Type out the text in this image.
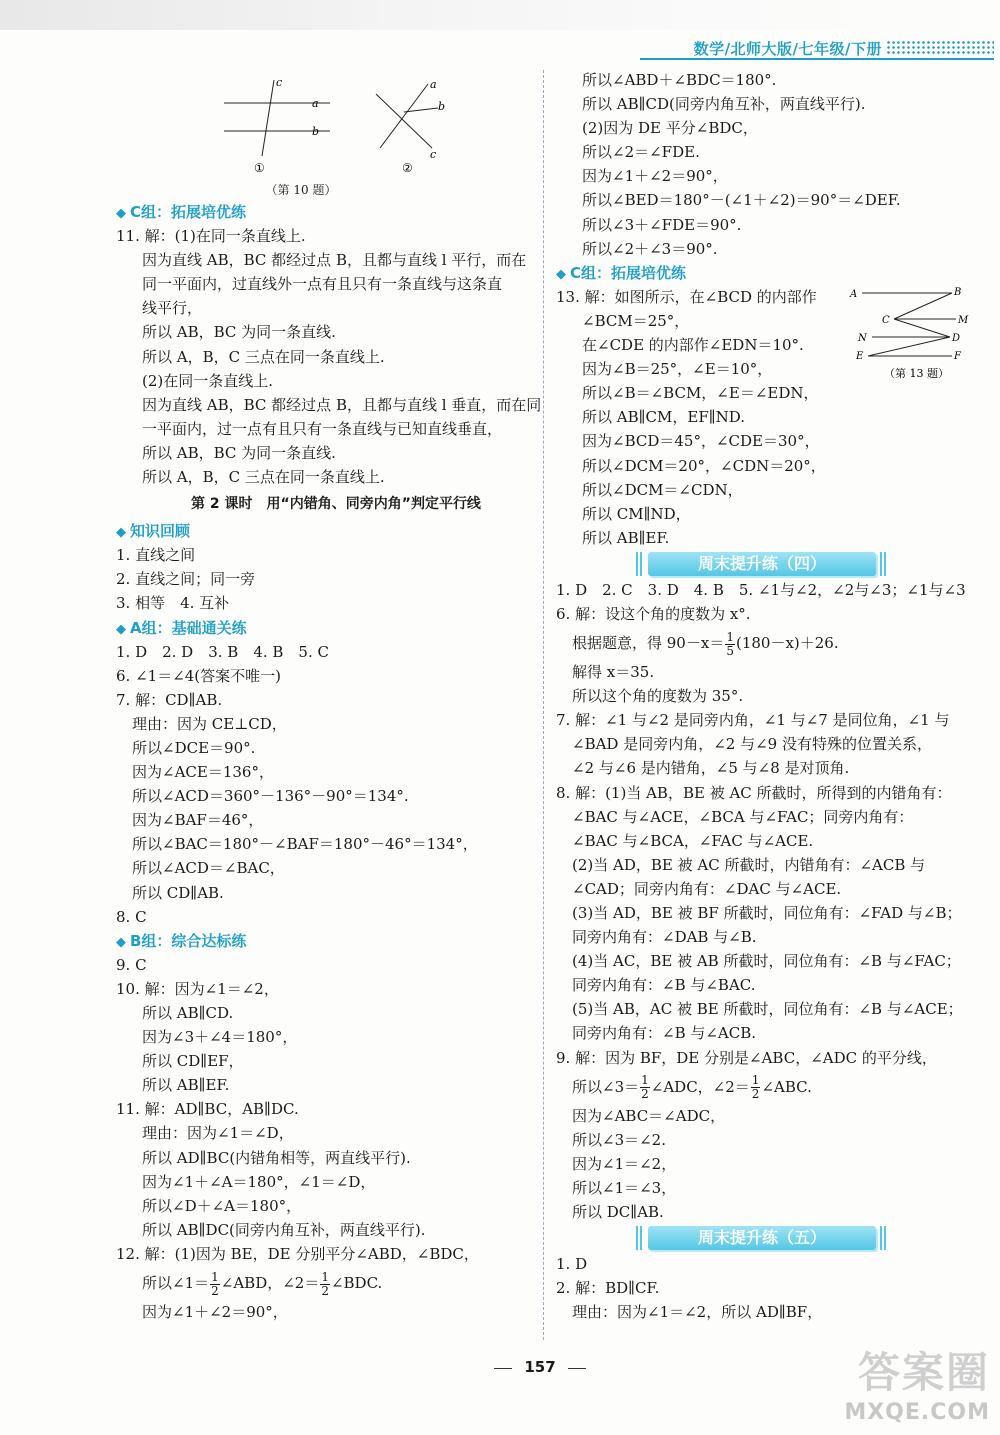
数学/北师大版/七年级/下册
c
a
b
①
a
b
c
②
（第 10 题）
◆ C组：拓展培优练
11. 解：(1)在同一条直线上.
因为直线 AB，BC 都经过点 B，且都与直线 l 平行，而在
同一平面内，过直线外一点有且只有一条直线与这条直
线平行，
所以 AB，BC 为同一条直线.
所以 A，B，C 三点在同一条直线上.
(2)在同一条直线上.
因为直线 AB，BC 都经过点 B，且都与直线 l 垂直，而在同
一平面内，过一点有且只有一条直线与已知直线垂直，
所以 AB，BC 为同一条直线.
所以 A，B，C 三点在同一条直线上.
第 2 课时　用“内错角、同旁内角”判定平行线
◆ 知识回顾
1. 直线之间
2. 直线之间；同一旁
3. 相等　4. 互补
◆ A组：基础通关练
1. D　2. D　3. B　4. B　5. C
6. ∠1＝∠4(答案不唯一)
7. 解：CD∥AB.
理由：因为 CE⊥CD，
所以∠DCE＝90°.
因为∠ACE＝136°，
所以∠ACD＝360°－136°－90°＝134°.
因为∠BAF＝46°，
所以∠BAC＝180°－∠BAF＝180°－46°＝134°，
所以∠ACD＝∠BAC，
所以 CD∥AB.
8. C
◆ B组：综合达标练
9. C
10. 解：因为∠1＝∠2，
所以 AB∥CD.
因为∠3＋∠4＝180°，
所以 CD∥EF，
所以 AB∥EF.
11. 解：AD∥BC，AB∥DC.
理由：因为∠1＝∠D，
所以 AD∥BC(内错角相等，两直线平行).
因为∠1＋∠A＝180°，∠1＝∠D，
所以∠D＋∠A＝180°，
所以 AB∥DC(同旁内角互补，两直线平行).
12. 解：(1)因为 BE，DE 分别平分∠ABD，∠BDC，
所以∠1＝ $\frac{1}{2}$ ∠ABD，∠2＝ $\frac{1}{2}$ ∠BDC.
因为∠1＋∠2＝90°，
所以∠ABD＋∠BDC＝180°.
所以 AB∥CD(同旁内角互补，两直线平行).
(2)因为 DE 平分∠BDC，
所以∠2＝∠FDE.
因为∠1＋∠2＝90°，
所以∠BED＝180°－(∠1＋∠2)＝90°＝∠DEF.
所以∠3＋∠FDE＝90°.
所以∠2＋∠3＝90°.
◆ C组：拓展培优练
13. 解：如图所示，在∠BCD 的内部作
∠BCM＝25°，
在∠CDE 的内部作∠EDN＝10°.
因为∠B＝25°，∠E＝10°，
所以∠B＝∠BCM，∠E＝∠EDN，
所以 AB∥CM，EF∥ND.
因为∠BCD＝45°，∠CDE＝30°，
所以∠DCM＝20°，∠CDN＝20°，
所以∠DCM＝∠CDN，
所以 CM∥ND，
所以 AB∥EF.
A	B
C	M
N	D
E	F
（第 13 题）
周末提升练（四）
1. D　2. C　3. D　4. B　5. ∠1与∠2，∠2与∠3；∠1与∠3
6. 解：设这个角的度数为 x°.
根据题意，得 $90-x= \frac{1}{5} (180-x)+26$.
解得 x＝35.
所以这个角的度数为 35°.
7. 解：∠1 与∠2 是同旁内角，∠1 与∠7 是同位角，∠1 与
∠BAD 是同旁内角，∠2 与∠9 没有特殊的位置关系，
∠2 与∠6 是内错角，∠5 与∠8 是对顶角.
8. 解：(1)当 AB，BE 被 AC 所截时，所得到的内错角有：
∠BAC 与∠ACE，∠BCA 与∠FAC；同旁内角有：
∠BAC 与∠BCA，∠FAC 与∠ACE.
(2)当 AD，BE 被 AC 所截时，内错角有：∠ACB 与
∠CAD；同旁内角有：∠DAC 与∠ACE.
(3)当 AD，BE 被 BF 所截时，同位角有：∠FAD 与∠B；
同旁内角有：∠DAB 与∠B.
(4)当 AC，BE 被 AB 所截时，同位角有：∠B 与∠FAC；
同旁内角有：∠B 与∠BAC.
(5)当 AB，AC 被 BE 所截时，同位角有：∠B 与∠ACE；
同旁内角有：∠B 与∠ACB.
9. 解：因为 BF，DE 分别是∠ABC，∠ADC 的平分线，
所以∠3＝ $\frac{1}{2}$ ∠ADC，∠2＝ $\frac{1}{2}$ ∠ABC.
因为∠ABC＝∠ADC，
所以∠3＝∠2.
因为∠1＝∠2，
所以∠1＝∠3，
所以 DC∥AB.
周末提升练（五）
1. D
2. 解：BD∥CF.
理由：因为∠1＝∠2，所以 AD∥BF，
157	答案圈
MXQE.COM
